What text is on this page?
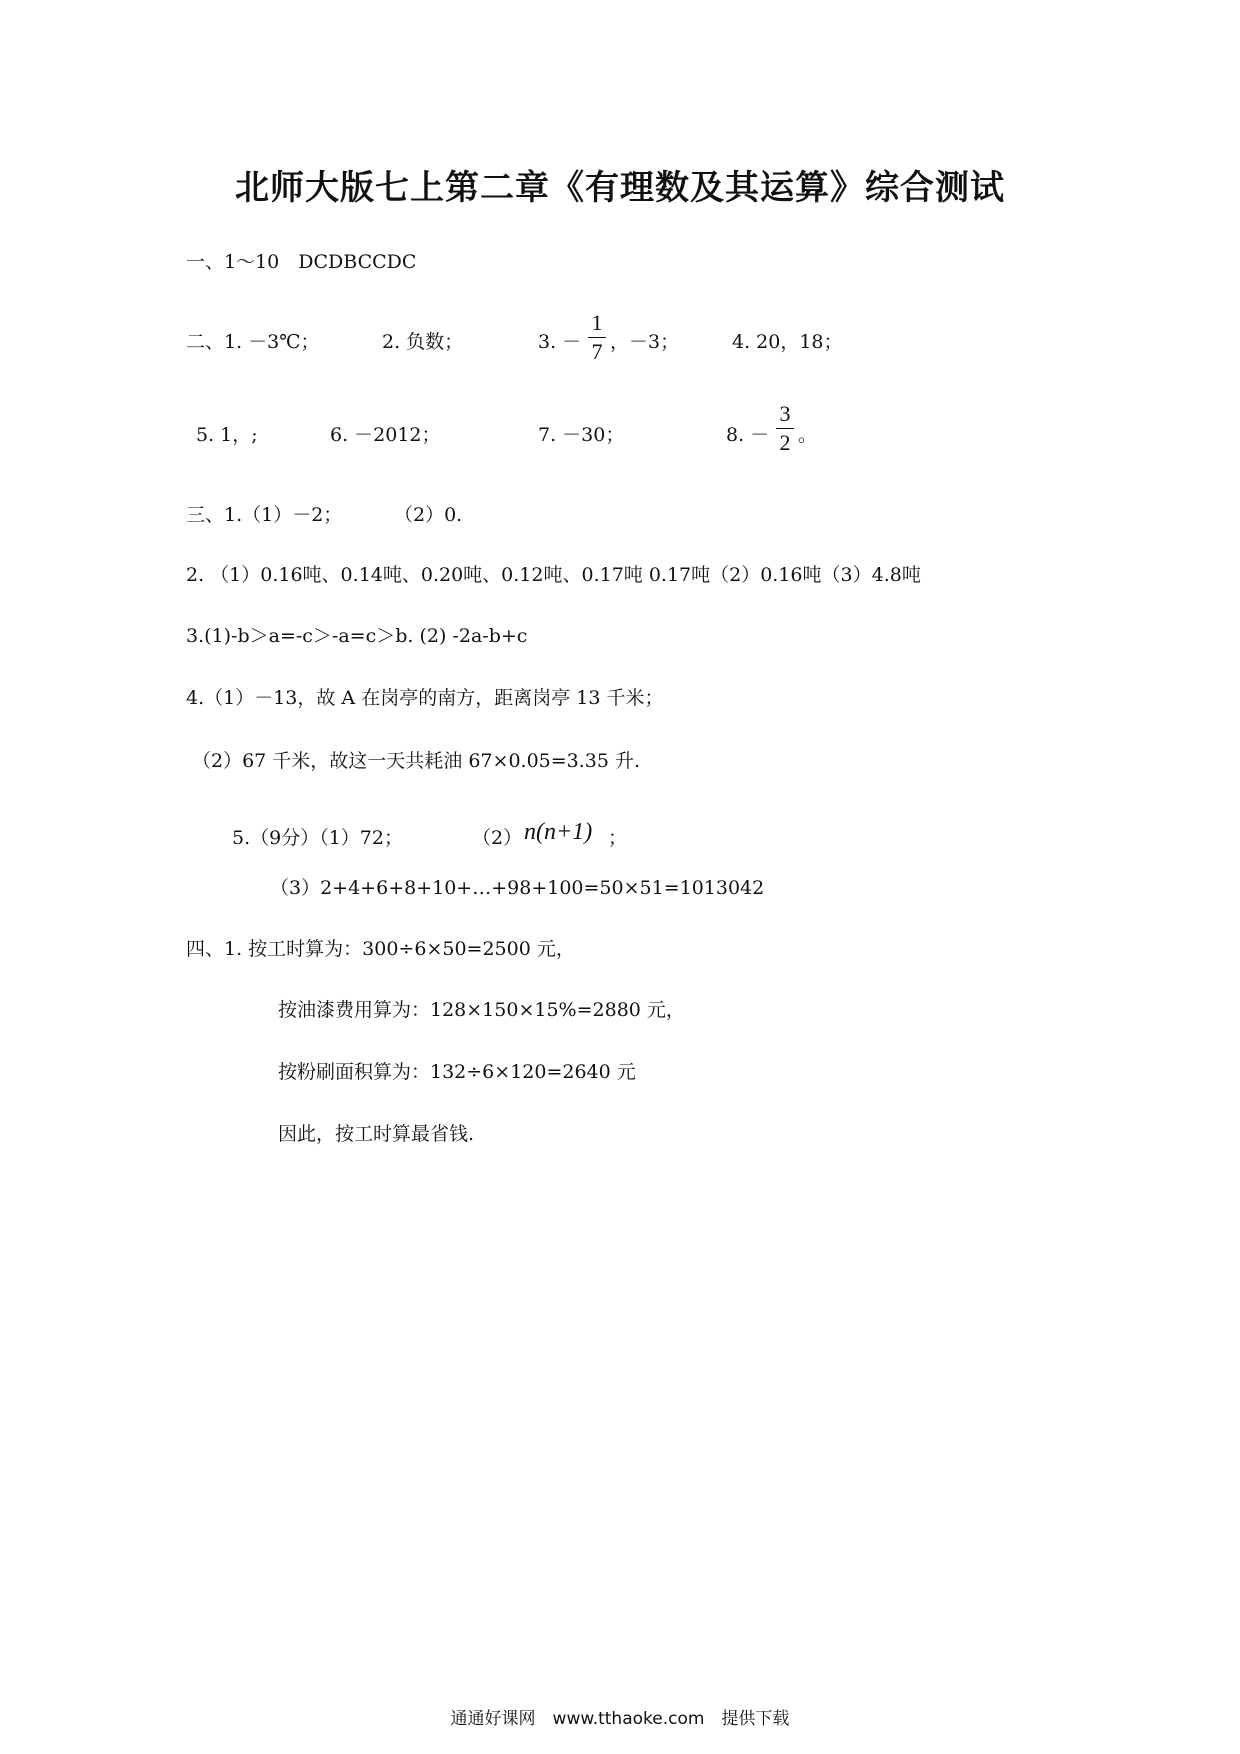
北师大版七上第二章《有理数及其运算》综合测试
一、1～10　DCDBCCDC
二、1. －3℃；	2. 负数；	3. －
1
7 ，－3；	4. 20，18；
5. 1，;	6. －2012；	7. －30；	8. －
3
2 。
三、1.（1）－2；	（2）0.
2. （1）0.16吨、0.14吨、0.20吨、0.12吨、0.17吨 0.17吨（2）0.16吨（3）4.8吨
3.(1)-b＞a=-c＞-a=c＞b. (2) -2a-b+c
4.（1）－13，故 A 在岗亭的南方，距离岗亭 13 千米；
（2）67 千米，故这一天共耗油 67×0.05=3.35 升.
5.（9分）（1）72；	（2） n(n+1) ；
（3）2+4+6+8+10+…+98+100=50×51=1013042
四、1. 按工时算为：300÷6×50=2500 元，
按油漆费用算为：128×150×15%=2880 元，
按粉刷面积算为：132÷6×120=2640 元
因此，按工时算最省钱.
通通好课网　www.tthaoke.com　提供下载
